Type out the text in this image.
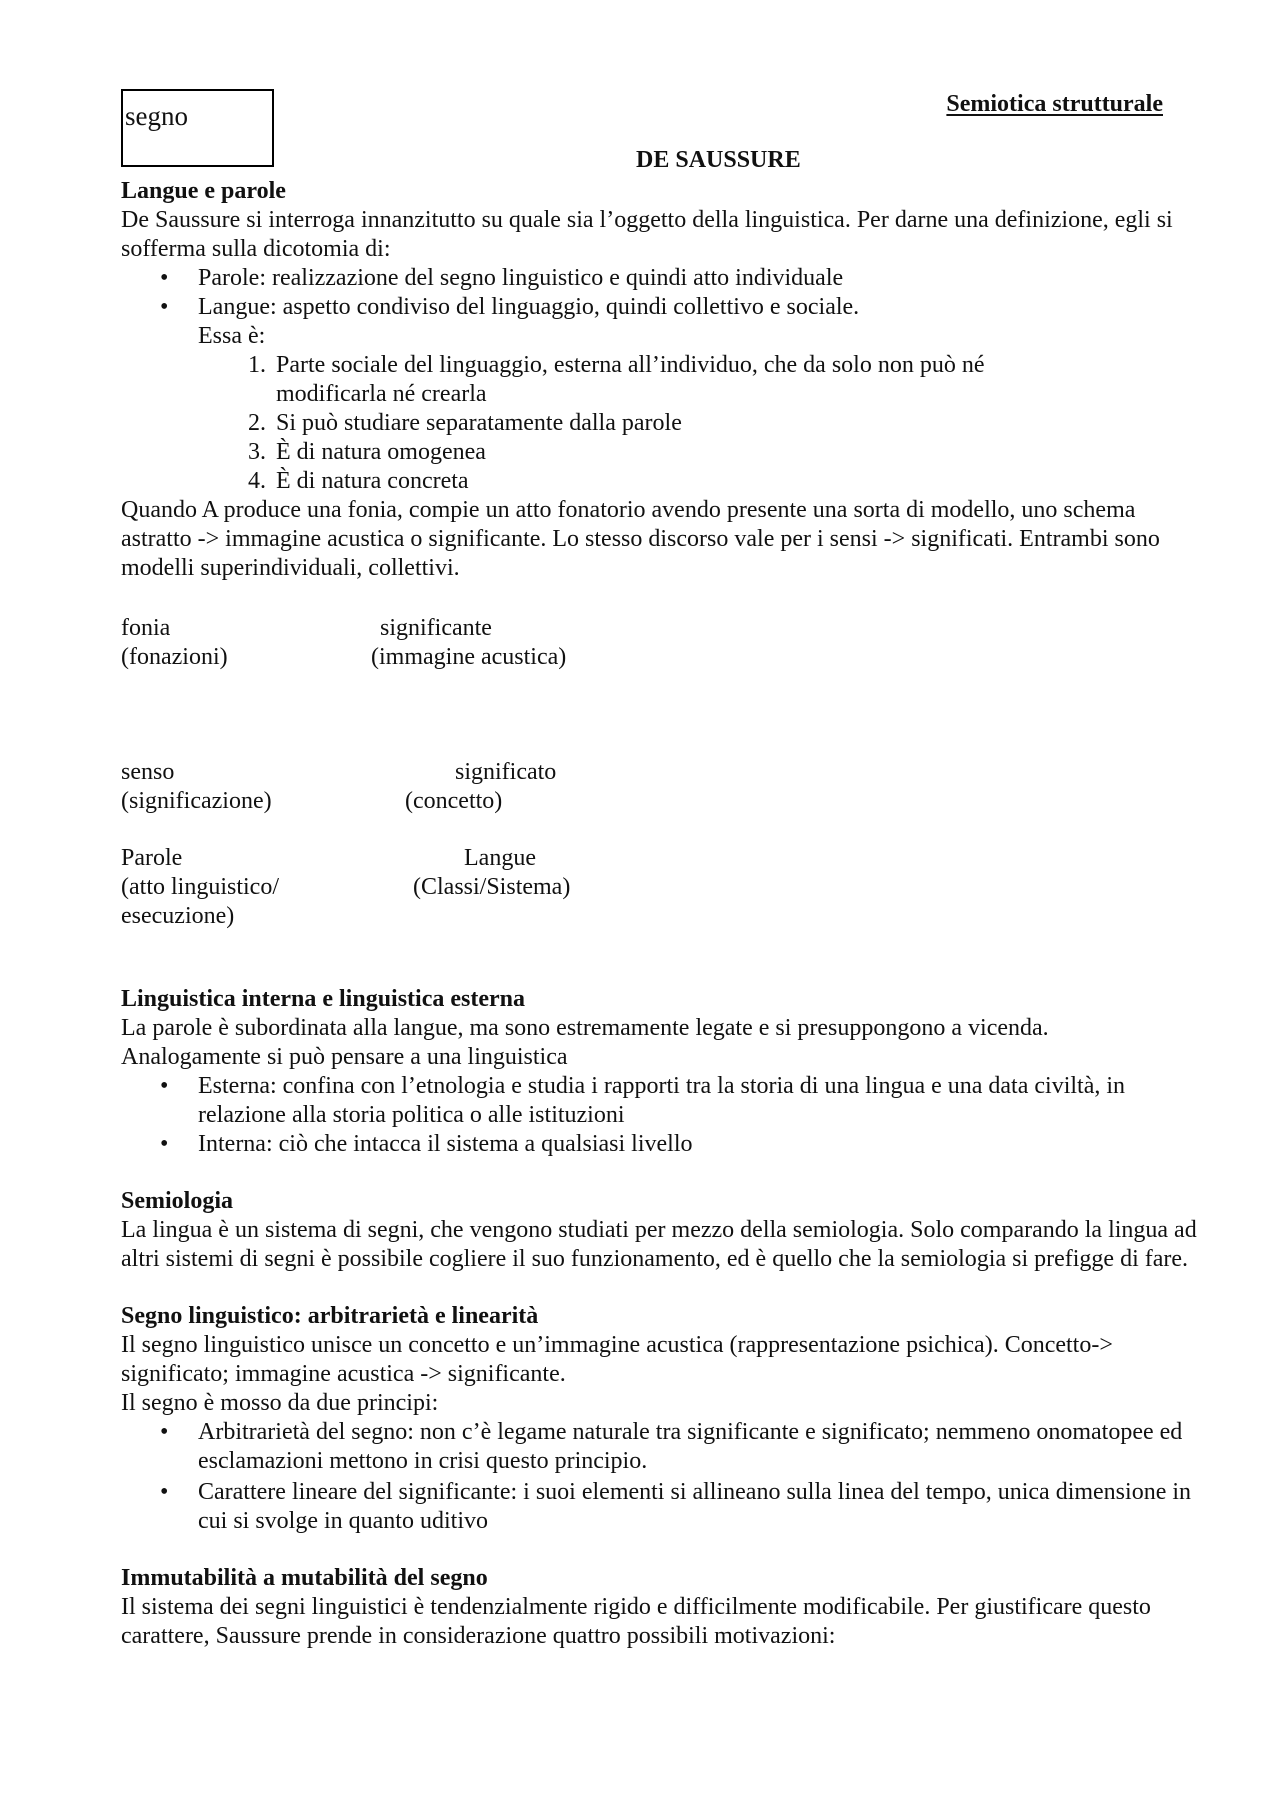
segno	Semiotica strutturale
DE SAUSSURE
Langue e parole

De Saussure si interroga innanzitutto su quale sia l’oggetto della linguistica. Per darne una definizione, egli si sofferma sulla dicotomia di:

• Parole: realizzazione del segno linguistico e quindi atto individuale
• Langue: aspetto condiviso del linguaggio, quindi collettivo e sociale.

Essa è:

1. Parte sociale del linguaggio, esterna all’individuo, che da solo non può né modificarla né crearla
2. Si può studiare separatamente dalla parole
3. È di natura omogenea
4. È di natura concreta

Quando A produce una fonia, compie un atto fonatorio avendo presente una sorta di modello, uno schema astratto -> immagine acustica o significante. Lo stesso discorso vale per i sensi -> significati. Entrambi sono modelli superindividuali, collettivi.

fonia
(fonazioni)
significante
(immagine acustica)
senso
(significazione)
significato
(concetto)
Parole
(atto linguistico/
esecuzione)
Langue
(Classi/Sistema)
Linguistica interna e linguistica esterna

La parole è subordinata alla langue, ma sono estremamente legate e si presuppongono a vicenda. Analogamente si può pensare a una linguistica

• Esterna: confina con l’etnologia e studia i rapporti tra la storia di una lingua e una data civiltà, in relazione alla storia politica o alle istituzioni
• Interna: ciò che intacca il sistema a qualsiasi livello
Semiologia

La lingua è un sistema di segni, che vengono studiati per mezzo della semiologia. Solo comparando la lingua ad altri sistemi di segni è possibile cogliere il suo funzionamento, ed è quello che la semiologia si prefigge di fare.

Segno linguistico: arbitrarietà e linearità

Il segno linguistico unisce un concetto e un’immagine acustica (rappresentazione psichica). Concetto-> significato; immagine acustica -> significante.

Il segno è mosso da due principi:

• Arbitrarietà del segno: non c’è legame naturale tra significante e significato; nemmeno onomatopee ed esclamazioni mettono in crisi questo principio.
• Carattere lineare del significante: i suoi elementi si allineano sulla linea del tempo, unica dimensione in cui si svolge in quanto uditivo
Immutabilità a mutabilità del segno

Il sistema dei segni linguistici è tendenzialmente rigido e difficilmente modificabile. Per giustificare questo carattere, Saussure prende in considerazione quattro possibili motivazioni:
